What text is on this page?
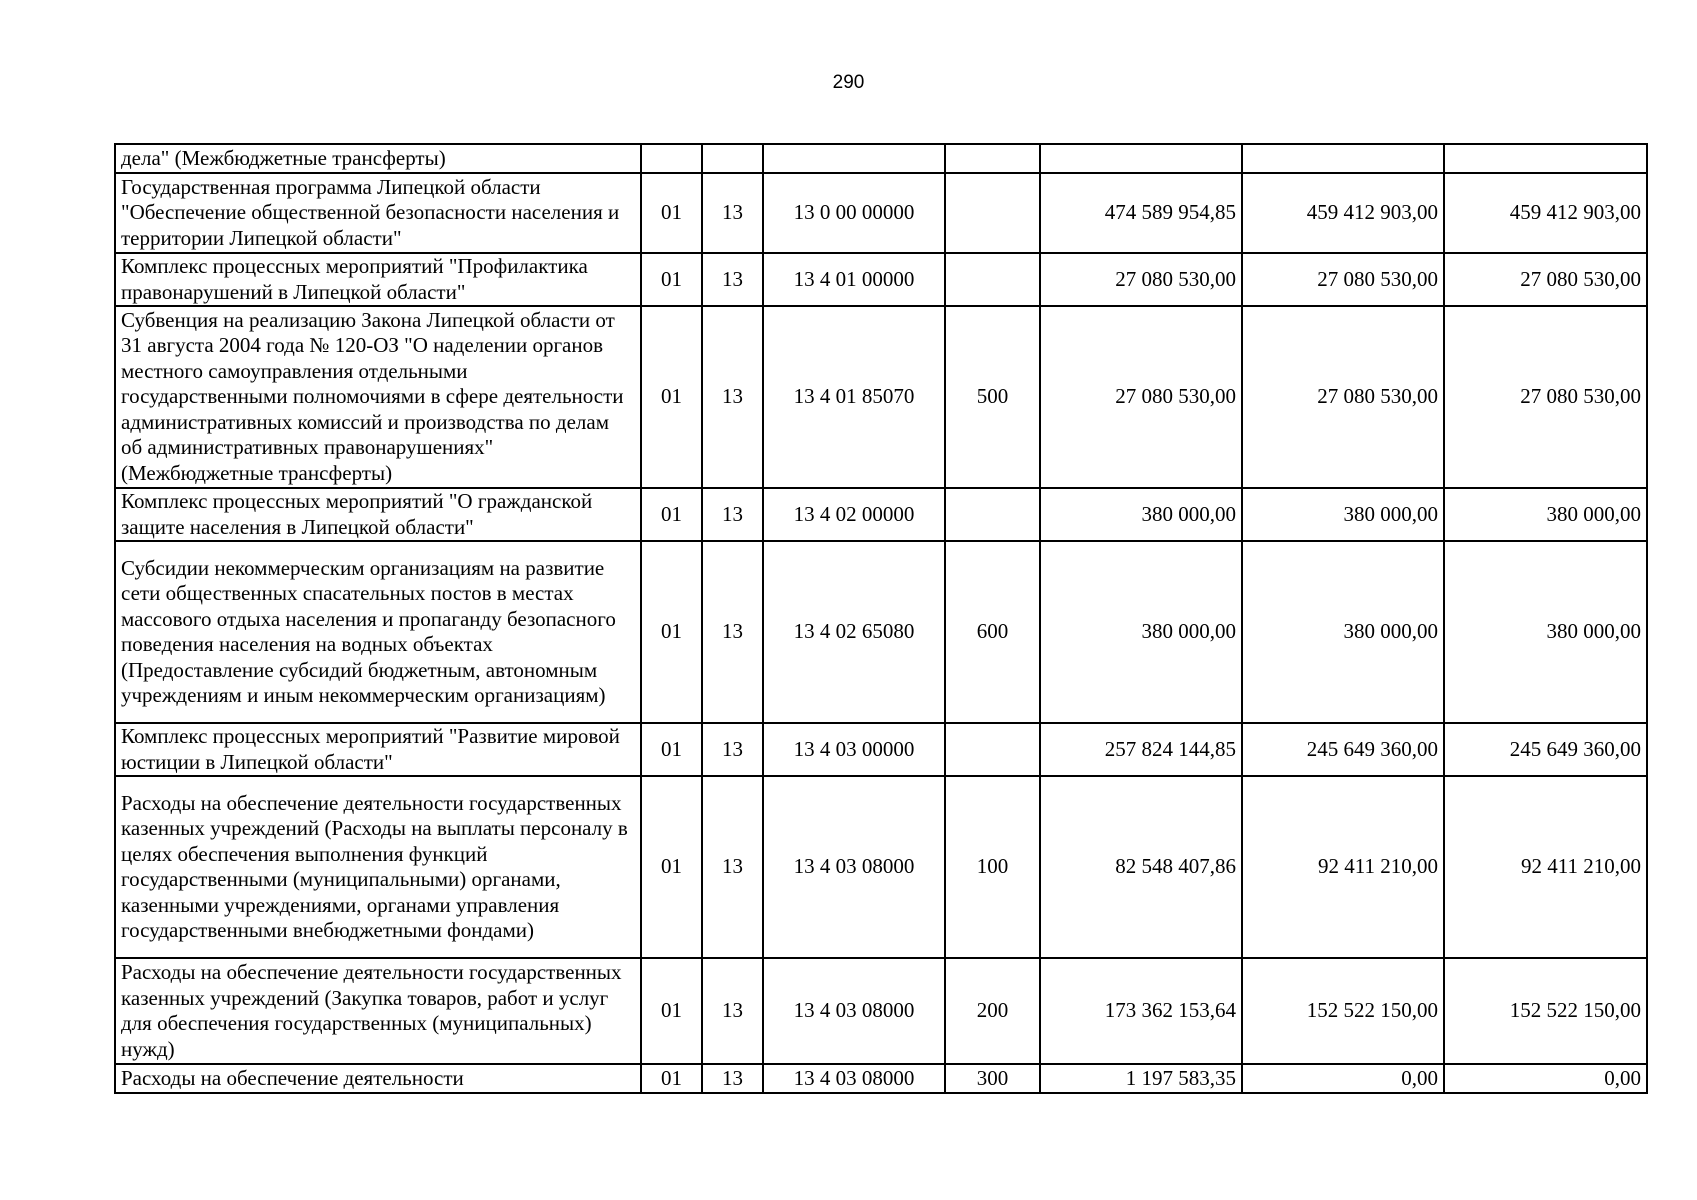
290
дела" (Межбюджетные трансферты)							
Государственная программа Липецкой области "Обеспечение общественной безопасности населения и территории Липецкой области"	01	13	13 0 00 00000		474 589 954,85	459 412 903,00	459 412 903,00
Комплекс процессных мероприятий "Профилактика правонарушений в Липецкой области"	01	13	13 4 01 00000		27 080 530,00	27 080 530,00	27 080 530,00
Субвенция на реализацию Закона Липецкой области от 31 августа 2004 года № 120-ОЗ "О наделении органов местного самоуправления отдельными государственными полномочиями в сфере деятельности административных комиссий и производства по делам об административных правонарушениях" (Межбюджетные трансферты)	01	13	13 4 01 85070	500	27 080 530,00	27 080 530,00	27 080 530,00
Комплекс процессных мероприятий "О гражданской защите населения в Липецкой области"	01	13	13 4 02 00000		380 000,00	380 000,00	380 000,00
Субсидии некоммерческим организациям на развитие сети общественных спасательных постов в местах массового отдыха населения и пропаганду безопасного поведения населения на водных объектах (Предоставление субсидий бюджетным, автономным учреждениям и иным некоммерческим организациям)	01	13	13 4 02 65080	600	380 000,00	380 000,00	380 000,00
Комплекс процессных мероприятий "Развитие мировой юстиции в Липецкой области"	01	13	13 4 03 00000		257 824 144,85	245 649 360,00	245 649 360,00
Расходы на обеспечение деятельности государственных казенных учреждений (Расходы на выплаты персоналу в целях обеспечения выполнения функций государственными (муниципальными) органами, казенными учреждениями, органами управления государственными внебюджетными фондами)	01	13	13 4 03 08000	100	82 548 407,86	92 411 210,00	92 411 210,00
Расходы на обеспечение деятельности государственных казенных учреждений (Закупка товаров, работ и услуг для обеспечения государственных (муниципальных) нужд)	01	13	13 4 03 08000	200	173 362 153,64	152 522 150,00	152 522 150,00
Расходы на обеспечение деятельности	01	13	13 4 03 08000	300	1 197 583,35	0,00	0,00
